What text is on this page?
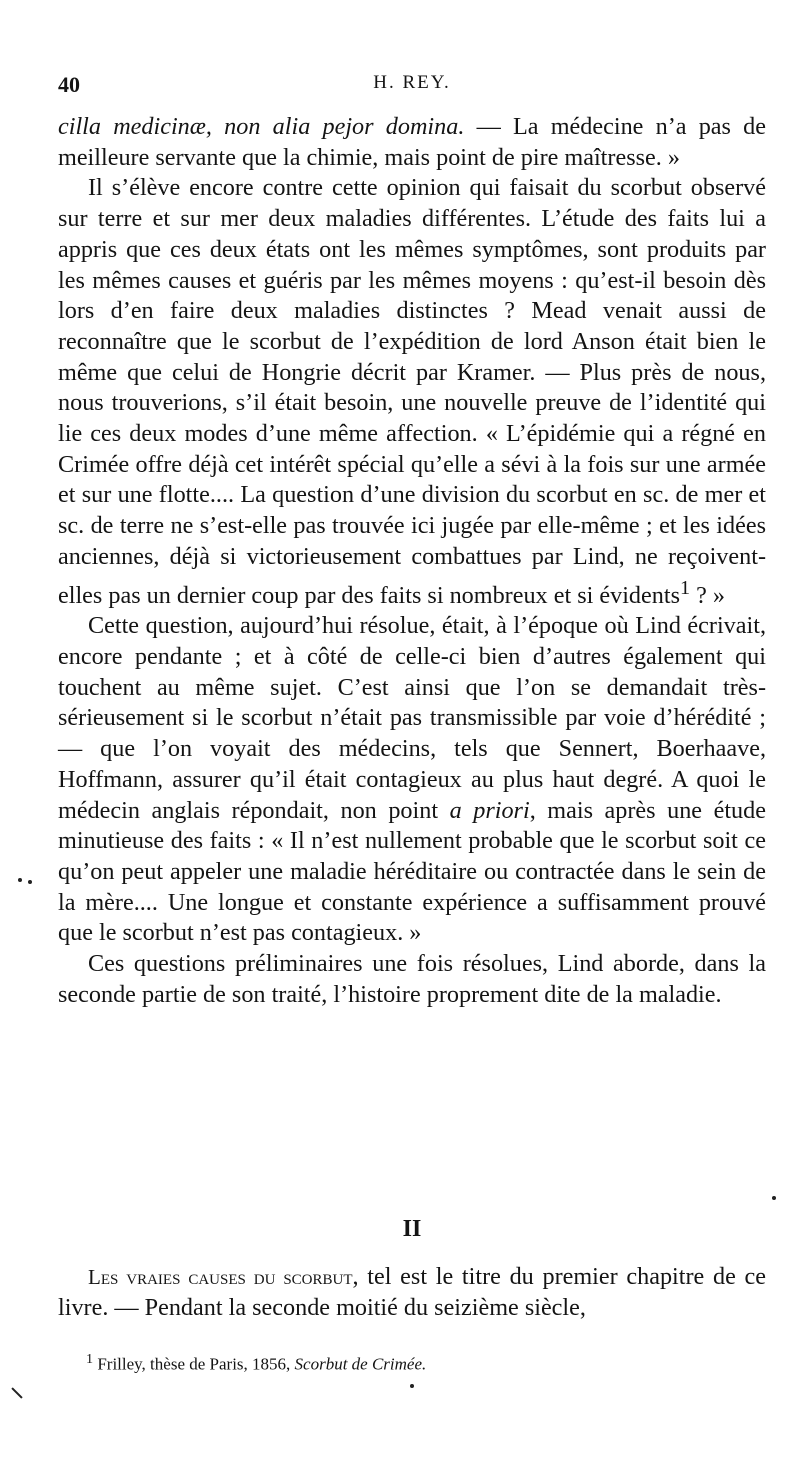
40	H. REY.

cilla medicinæ, non alia pejor domina. — La médecine n’a pas de meilleure servante que la chimie, mais point de pire maîtresse. »

Il s’élève encore contre cette opinion qui faisait du scorbut observé sur terre et sur mer deux maladies différentes. L’étude des faits lui a appris que ces deux états ont les mêmes symptômes, sont produits par les mêmes causes et guéris par les mêmes moyens : qu’est-il besoin dès lors d’en faire deux maladies distinctes ? Mead venait aussi de reconnaître que le scorbut de l’expédition de lord Anson était bien le même que celui de Hongrie décrit par Kramer. — Plus près de nous, nous trouverions, s’il était besoin, une nouvelle preuve de l’identité qui lie ces deux modes d’une même affection. « L’épidémie qui a régné en Crimée offre déjà cet intérêt spécial qu’elle a sévi à la fois sur une armée et sur une flotte.... La question d’une division du scorbut en sc. de mer et sc. de terre ne s’est-elle pas trouvée ici jugée par elle-même ; et les idées anciennes, déjà si victorieusement combattues par Lind, ne reçoivent-elles pas un dernier coup par des faits si nombreux et si évidents$^1$ ? »

Cette question, aujourd’hui résolue, était, à l’époque où Lind écrivait, encore pendante ; et à côté de celle-ci bien d’autres également qui touchent au même sujet. C’est ainsi que l’on se demandait très-sérieusement si le scorbut n’était pas transmissible par voie d’hérédité ; — que l’on voyait des médecins, tels que Sennert, Boerhaave, Hoffmann, assurer qu’il était contagieux au plus haut degré. A quoi le médecin anglais répondait, non point a priori, mais après une étude minutieuse des faits : « Il n’est nullement probable que le scorbut soit ce qu’on peut appeler une maladie héréditaire ou contractée dans le sein de la mère.... Une longue et constante expérience a suffisamment prouvé que le scorbut n’est pas contagieux. »

Ces questions préliminaires une fois résolues, Lind aborde, dans la seconde partie de son traité, l’histoire proprement dite de la maladie.

II

Les vraies causes du scorbut, tel est le titre du premier chapitre de ce livre. — Pendant la seconde moitié du seizième siècle,

$^1$ Frilley, thèse de Paris, 1856, Scorbut de Crimée.
